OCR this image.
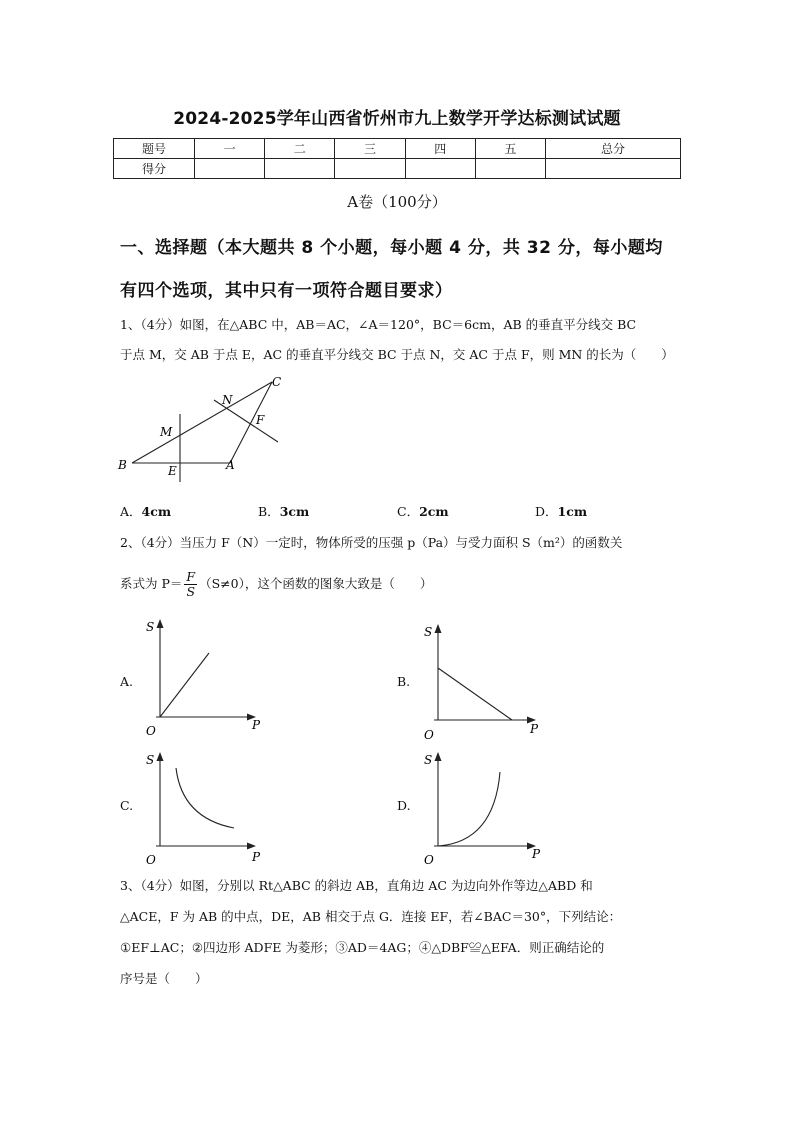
2024-2025学年山西省忻州市九上数学开学达标测试试题
题号	一	二	三	四	五	总分
得分						
A卷（100分）
一、选择题（本大题共 8 个小题，每小题 4 分，共 32 分，每小题均
有四个选项，其中只有一项符合题目要求）
1、（4分）如图，在△ABC 中，AB＝AC，∠A＝120°，BC＝6cm，AB 的垂直平分线交 BC
于点 M，交 AB 于点 E，AC 的垂直平分线交 BC 于点 N，交 AC 于点 F，则 MN 的长为（　　）
B	E	A
M
N
F
C
A．4cm	B．3cm	C．2cm	D．1cm
2、（4分）当压力 F（N）一定时，物体所受的压强 p（Pa）与受力面积 S（m²）的函数关
系式为 $P= \frac{F}{S} (S\ne 0)$，这个函数的图象大致是（　　）
A.
S
P
O
B.
S
P
O
C.
S
P
O
D.
S
P
O
3、（4分）如图，分别以 Rt△ABC 的斜边 AB，直角边 AC 为边向外作等边△ABD 和
△ACE，F 为 AB 的中点，DE，AB 相交于点 G．连接 EF，若∠BAC＝30°，下列结论：
①EF⊥AC；②四边形 ADFE 为菱形；③AD＝4AG；④△DBF≌△EFA．则正确结论的
序号是（　　）
